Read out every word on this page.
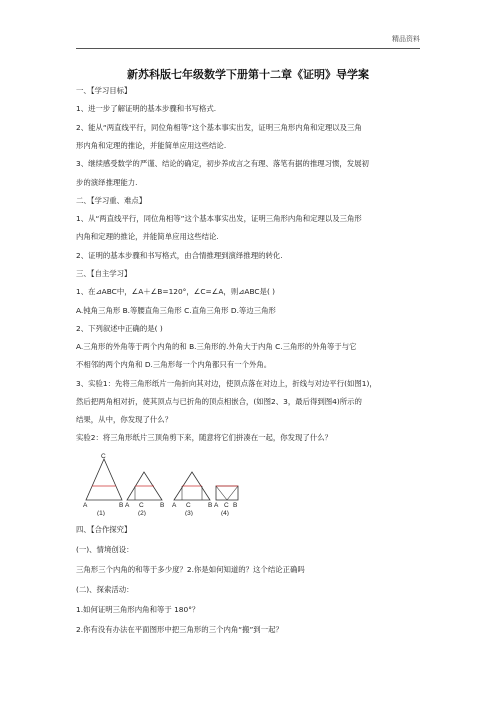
精品资料
新苏科版七年级数学下册第十二章《证明》导学案
一、【学习目标】
1、进一步了解证明的基本步骤和书写格式.
2、能从“两直线平行，同位角相等”这个基本事实出发，证明三角形内角和定理以及三角
形内角和定理的推论，并能简单应用这些结论.
3、继续感受数学的严谨、结论的确定，初步养成言之有理、落笔有据的推理习惯，发展初
步的演绎推理能力.
二、【学习重、难点】
1、从“两直线平行，同位角相等”这个基本事实出发，证明三角形内角和定理以及三角形
内角和定理的推论，并能简单应用这些结论.
2、证明的基本步骤和书写格式，由合情推理到演绎推理的转化.
三、【自主学习】
1、在⊿ABC中，∠A＋∠B=120°，∠C=∠A，则⊿ABC是( )
A.钝角三角形 B.等腰直角三角形 C.直角三角形 D.等边三角形
2、下列叙述中正确的是( )
A.三角形的外角等于两个内角的和 B.三角形的.外角大于内角 C.三角形的外角等于与它
不相邻的两个内角和 D.三角形每一个内角都只有一个外角。
3、实验1：先将三角形纸片一角折向其对边，使顶点落在对边上，折线与对边平行(如图1)，
然后把两角相对折，使其顶点与已折角的顶点相嵌合，(如图2、3，最后得到图4)所示的
结果，从中，你发现了什么？
实验2：将三角形纸片三顶角剪下来，随意将它们拼凑在一起，你发现了什么？
C
A	B
(1)
A C	B
(2)
A C	B
(3)
A C B
(4)
四、【合作探究】
(一)、情境创设：
三角形三个内角的和等于多少度？2.你是如何知道的？这个结论正确吗
(二)、探索活动：
1.如何证明三角形内角和等于 180°？
2.你有没有办法在平面图形中把三角形的三个内角“搬”到一起？
